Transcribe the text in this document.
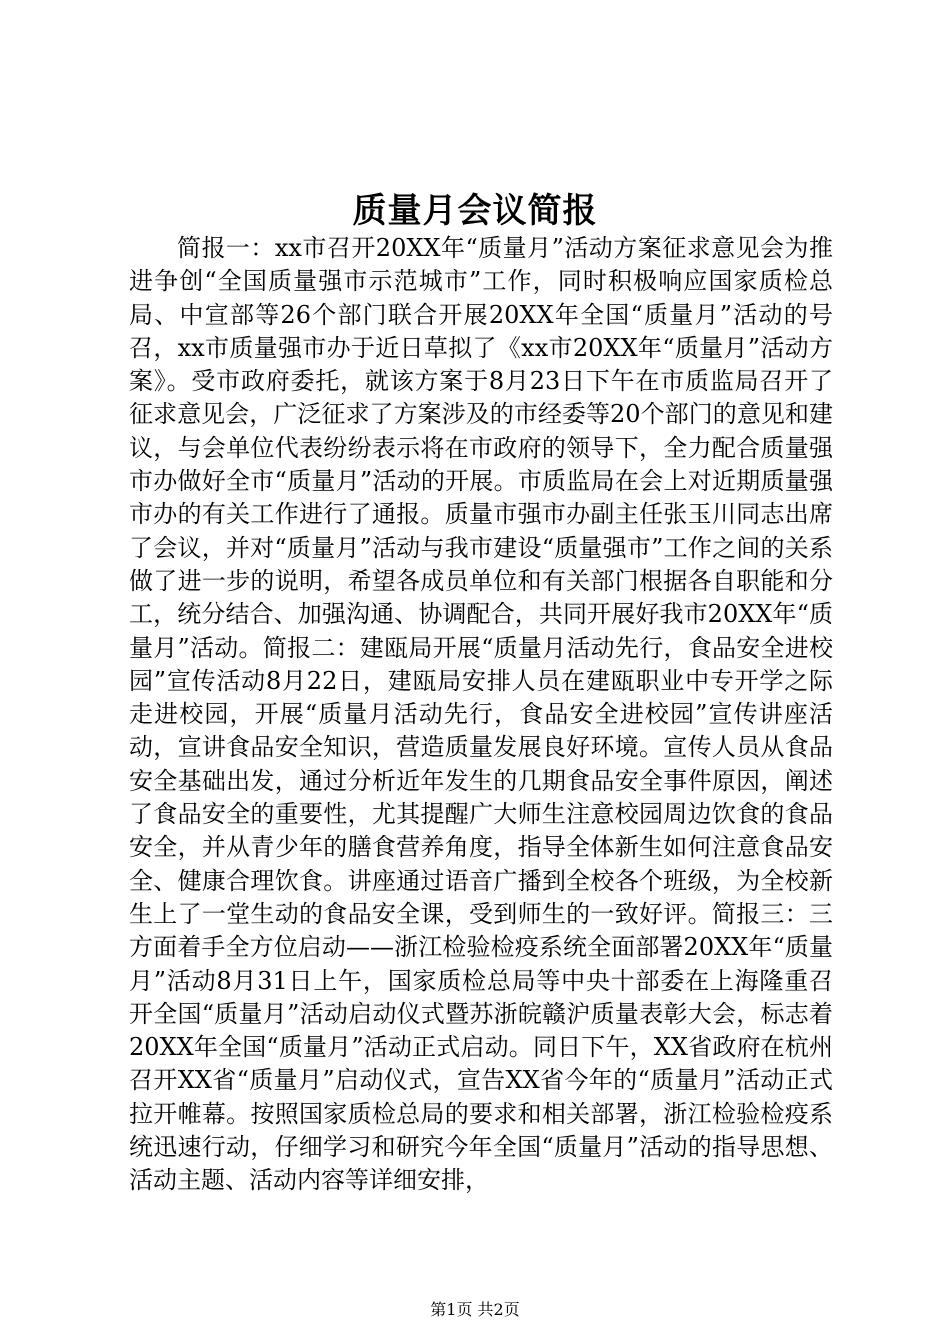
质量月会议简报

简报一：xx市召开20XX年“质量月”活动方案征求意见会为推进争创“全国质量强市示范城市”工作，同时积极响应国家质检总局、中宣部等26个部门联合开展20XX年全国“质量月”活动的号召，xx市质量强市办于近日草拟了《xx市20XX年“质量月”活动方案》。受市政府委托，就该方案于8月23日下午在市质监局召开了征求意见会，广泛征求了方案涉及的市经委等20个部门的意见和建议，与会单位代表纷纷表示将在市政府的领导下，全力配合质量强市办做好全市“质量月”活动的开展。市质监局在会上对近期质量强市办的有关工作进行了通报。质量市强市办副主任张玉川同志出席了会议，并对“质量月”活动与我市建设“质量强市”工作之间的关系做了进一步的说明，希望各成员单位和有关部门根据各自职能和分工，统分结合、加强沟通、协调配合，共同开展好我市20XX年“质量月”活动。简报二：建瓯局开展“质量月活动先行，食品安全进校园”宣传活动8月22日，建瓯局安排人员在建瓯职业中专开学之际走进校园，开展“质量月活动先行，食品安全进校园”宣传讲座活动，宣讲食品安全知识，营造质量发展良好环境。宣传人员从食品安全基础出发，通过分析近年发生的几期食品安全事件原因，阐述了食品安全的重要性，尤其提醒广大师生注意校园周边饮食的食品安全，并从青少年的膳食营养角度，指导全体新生如何注意食品安全、健康合理饮食。讲座通过语音广播到全校各个班级，为全校新生上了一堂生动的食品安全课，受到师生的一致好评。简报三：三方面着手全方位启动——浙江检验检疫系统全面部署20XX年“质量月”活动8月31日上午，国家质检总局等中央十部委在上海隆重召开全国“质量月”活动启动仪式暨苏浙皖赣沪质量表彰大会，标志着20XX年全国“质量月”活动正式启动。同日下午，XX省政府在杭州召开XX省“质量月”启动仪式，宣告XX省今年的“质量月”活动正式拉开帷幕。按照国家质检总局的要求和相关部署，浙江检验检疫系统迅速行动，仔细学习和研究今年全国“质量月”活动的指导思想、活动主题、活动内容等详细安排，

第1页 共2页
